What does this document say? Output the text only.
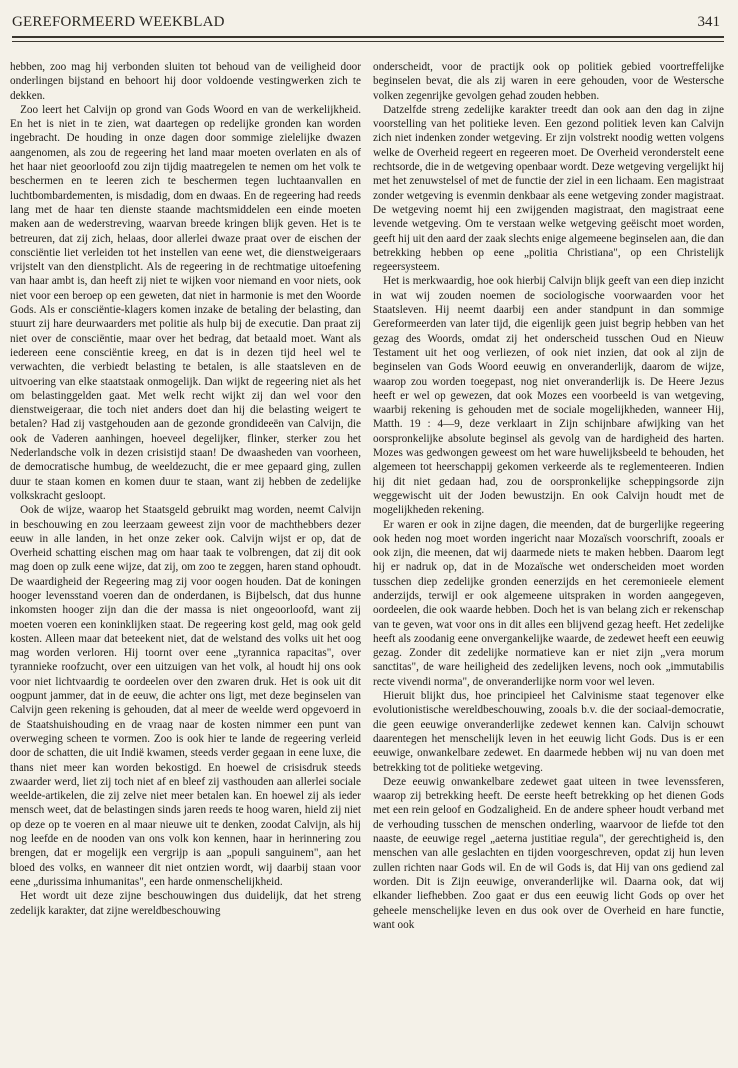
GEREFORMEERD WEEKBLAD	341

hebben, zoo mag hij verbonden sluiten tot behoud van de veiligheid door onderlingen bijstand en behoort hij door voldoende vestingwerken zich te dekken.

Zoo leert het Calvijn op grond van Gods Woord en van de werkelijkheid. En het is niet in te zien, wat daartegen op redelijke gronden kan worden ingebracht. De houding in onze dagen door sommige zielelijke dwazen aangenomen, als zou de regeering het land maar moeten overlaten en als of het haar niet geoorloofd zou zijn tijdig maatregelen te nemen om het volk te beschermen en te leeren zich te beschermen tegen luchtaanvallen en luchtbombardementen, is misdadig, dom en dwaas. En de regeering had reeds lang met de haar ten dienste staande machtsmiddelen een einde moeten maken aan de wederstreving, waarvan breede kringen blijk geven. Het is te betreuren, dat zij zich, helaas, door allerlei dwaze praat over de eischen der consciëntie liet verleiden tot het instellen van eene wet, die dienstweigeraars vrijstelt van den dienstplicht. Als de regeering in de rechtmatige uitoefening van haar ambt is, dan heeft zij niet te wijken voor niemand en voor niets, ook niet voor een beroep op een geweten, dat niet in harmonie is met den Woorde Gods. Als er consciëntie-klagers komen inzake de betaling der belasting, dan stuurt zij hare deurwaarders met politie als hulp bij de executie. Dan praat zij niet over de consciëntie, maar over het bedrag, dat betaald moet. Want als iedereen eene consciëntie kreeg, en dat is in dezen tijd heel wel te verwachten, die verbiedt belasting te betalen, is alle staatsleven en de uitvoering van elke staatstaak onmogelijk. Dan wijkt de regeering niet als het om belastinggelden gaat. Met welk recht wijkt zij dan wel voor den dienstweigeraar, die toch niet anders doet dan hij die belasting weigert te betalen? Had zij vastgehouden aan de gezonde grondideeën van Calvijn, die ook de Vaderen aanhingen, hoeveel degelijker, flinker, sterker zou het Nederlandsche volk in dezen crisistijd staan! De dwaasheden van voorheen, de democratische humbug, de weeldezucht, die er mee gepaard ging, zullen duur te staan komen en komen duur te staan, want zij hebben de zedelijke volkskracht gesloopt.

Ook de wijze, waarop het Staatsgeld gebruikt mag worden, neemt Calvijn in beschouwing en zou leerzaam geweest zijn voor de machthebbers dezer eeuw in alle landen, in het onze zeker ook. Calvijn wijst er op, dat de Overheid schatting eischen mag om haar taak te volbrengen, dat zij dit ook mag doen op zulk eene wijze, dat zij, om zoo te zeggen, haren stand ophoudt. De waardigheid der Regeering mag zij voor oogen houden. Dat de koningen hooger levensstand voeren dan de onderdanen, is Bijbelsch, dat dus hunne inkomsten hooger zijn dan die der massa is niet ongeoorloofd, want zij moeten voeren een koninklijken staat. De regeering kost geld, mag ook geld kosten. Alleen maar dat beteekent niet, dat de welstand des volks uit het oog mag worden verloren. Hij toornt over eene „tyrannica rapacitas", over tyrannieke roofzucht, over een uitzuigen van het volk, al houdt hij ons ook voor niet lichtvaardig te oordeelen over den zwaren druk. Het is ook uit dit oogpunt jammer, dat in de eeuw, die achter ons ligt, met deze beginselen van Calvijn geen rekening is gehouden, dat al meer de weelde werd opgevoerd in de Staatshuishouding en de vraag naar de kosten nimmer een punt van overweging scheen te vormen. Zoo is ook hier te lande de regeering verleid door de schatten, die uit Indië kwamen, steeds verder gegaan in eene luxe, die thans niet meer kan worden bekostigd. En hoewel de crisisdruk steeds zwaarder werd, liet zij toch niet af en bleef zij vasthouden aan allerlei sociale weelde-artikelen, die zij zelve niet meer betalen kan. En hoewel zij als ieder mensch weet, dat de belastingen sinds jaren reeds te hoog waren, hield zij niet op deze op te voeren en al maar nieuwe uit te denken, zoodat Calvijn, als hij nog leefde en de nooden van ons volk kon kennen, haar in herinnering zou brengen, dat er mogelijk een vergrijp is aan „populi sanguinem", aan het bloed des volks, en wanneer dit niet ontzien wordt, wij daarbij staan voor eene „durissima inhumanitas", een harde onmenschelijkheid.

Het wordt uit deze zijne beschouwingen dus duidelijk, dat het streng zedelijk karakter, dat zijne wereldbeschouwing

onderscheidt, voor de practijk ook op politiek gebied voortreffelijke beginselen bevat, die als zij waren in eere gehouden, voor de Westersche volken zegenrijke gevolgen gehad zouden hebben.

Datzelfde streng zedelijke karakter treedt dan ook aan den dag in zijne voorstelling van het politieke leven. Een gezond politiek leven kan Calvijn zich niet indenken zonder wetgeving. Er zijn volstrekt noodig wetten volgens welke de Overheid regeert en regeeren moet. De Overheid veronderstelt eene rechtsorde, die in de wetgeving openbaar wordt. Deze wetgeving vergelijkt hij met het zenuwstelsel of met de functie der ziel in een lichaam. Een magistraat zonder wetgeving is evenmin denkbaar als eene wetgeving zonder magistraat. De wetgeving noemt hij een zwijgenden magistraat, den magistraat eene levende wetgeving. Om te verstaan welke wetgeving geëischt moet worden, geeft hij uit den aard der zaak slechts enige algemeene beginselen aan, die dan betrekking hebben op eene „politia Christiana", op een Christelijk regeersysteem.

Het is merkwaardig, hoe ook hierbij Calvijn blijk geeft van een diep inzicht in wat wij zouden noemen de sociologische voorwaarden voor het Staatsleven. Hij neemt daarbij een ander standpunt in dan sommige Gereformeerden van later tijd, die eigenlijk geen juist begrip hebben van het gezag des Woords, omdat zij het onderscheid tusschen Oud en Nieuw Testament uit het oog verliezen, of ook niet inzien, dat ook al zijn de beginselen van Gods Woord eeuwig en onveranderlijk, daarom de wijze, waarop zou worden toegepast, nog niet onveranderlijk is. De Heere Jezus heeft er wel op gewezen, dat ook Mozes een voorbeeld is van wetgeving, waarbij rekening is gehouden met de sociale mogelijkheden, wanneer Hij, Matth. 19 : 4—9, deze verklaart in Zijn schijnbare afwijking van het oorspronkelijke absolute beginsel als gevolg van de hardigheid des harten. Mozes was gedwongen geweest om het ware huwelijksbeeld te behouden, het algemeen tot heerschappij gekomen verkeerde als te reglementeeren. Indien hij dit niet gedaan had, zou de oorspronkelijke scheppingsorde zijn weggewischt uit der Joden bewustzijn. En ook Calvijn houdt met de mogelijkheden rekening.

Er waren er ook in zijne dagen, die meenden, dat de burgerlijke regeering ook heden nog moet worden ingericht naar Mozaïsch voorschrift, zooals er ook zijn, die meenen, dat wij daarmede niets te maken hebben. Daarom legt hij er nadruk op, dat in de Mozaïsche wet onderscheiden moet worden tusschen diep zedelijke gronden eenerzijds en het ceremonieele element anderzijds, terwijl er ook algemeene uitspraken in worden aangegeven, oordeelen, die ook waarde hebben. Doch het is van belang zich er rekenschap van te geven, wat voor ons in dit alles een blijvend gezag heeft. Het zedelijke heeft als zoodanig eene onvergankelijke waarde, de zedewet heeft een eeuwig gezag. Zonder dit zedelijke normatieve kan er niet zijn „vera morum sanctitas", de ware heiligheid des zedelijken levens, noch ook „immutabilis recte vivendi norma", de onveranderlijke norm voor wel leven.

Hieruit blijkt dus, hoe principieel het Calvinisme staat tegenover elke evolutionistische wereldbeschouwing, zooals b.v. die der sociaal-democratie, die geen eeuwige onveranderlijke zedewet kennen kan. Calvijn schouwt daarentegen het menschelijk leven in het eeuwig licht Gods. Dus is er een eeuwige, onwankelbare zedewet. En daarmede hebben wij nu van doen met betrekking tot de politieke wetgeving.

Deze eeuwig onwankelbare zedewet gaat uiteen in twee levenssferen, waarop zij betrekking heeft. De eerste heeft betrekking op het dienen Gods met een rein geloof en Godzaligheid. En de andere spheer houdt verband met de verhouding tusschen de menschen onderling, waarvoor de liefde tot den naaste, de eeuwige regel „aeterna justitiae regula", der gerechtigheid is, den menschen van alle geslachten en tijden voorgeschreven, opdat zij hun leven zullen richten naar Gods wil. En de wil Gods is, dat Hij van ons gediend zal worden. Dit is Zijn eeuwige, onveranderlijke wil. Daarna ook, dat wij elkander liefhebben. Zoo gaat er dus een eeuwig licht Gods op over het geheele menschelijke leven en dus ook over de Overheid en hare functie, want ook
